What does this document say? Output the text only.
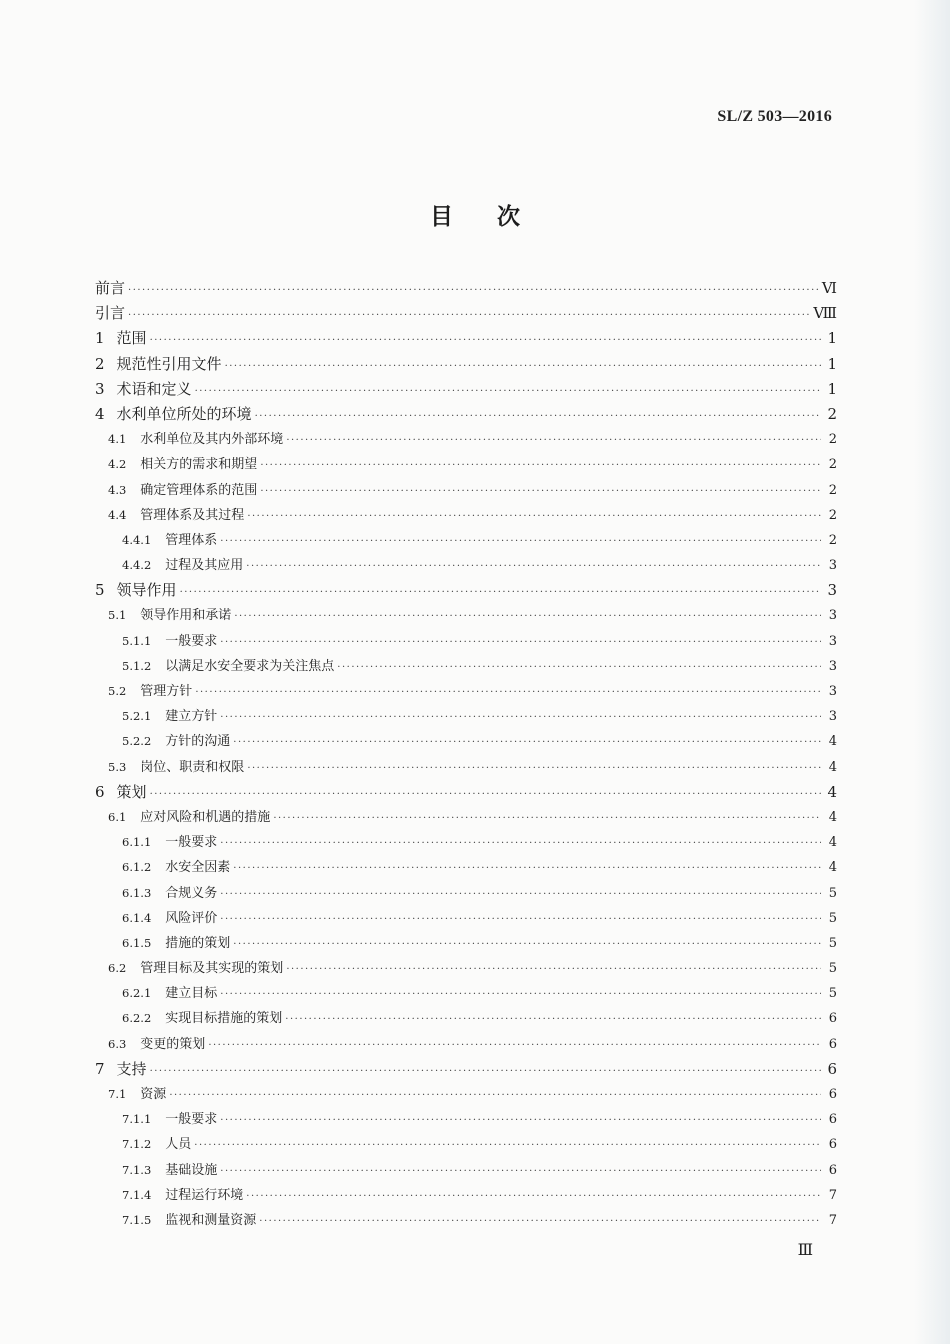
SL/Z 503—2016
目次
前言 ·····	Ⅵ
引言 ·····	Ⅷ
1 范围 ·····	1
2 规范性引用文件 ·····	1
3 术语和定义 ·····	1
4 水利单位所处的环境 ·····	2
4.1 水利单位及其内外部环境 ·····	2
4.2 相关方的需求和期望 ·····	2
4.3 确定管理体系的范围 ·····	2
4.4 管理体系及其过程 ·····	2
4.4.1 管理体系 ·····	2
4.4.2 过程及其应用 ·····	3
5 领导作用 ·····	3
5.1 领导作用和承诺 ·····	3
5.1.1 一般要求 ·····	3
5.1.2 以满足水安全要求为关注焦点 ·····	3
5.2 管理方针 ·····	3
5.2.1 建立方针 ·····	3
5.2.2 方针的沟通 ·····	4
5.3 岗位、职责和权限 ·····	4
6 策划 ·····	4
6.1 应对风险和机遇的措施 ·····	4
6.1.1 一般要求 ·····	4
6.1.2 水安全因素 ·····	4
6.1.3 合规义务 ·····	5
6.1.4 风险评价 ·····	5
6.1.5 措施的策划 ·····	5
6.2 管理目标及其实现的策划 ·····	5
6.2.1 建立目标 ·····	5
6.2.2 实现目标措施的策划 ·····	6
6.3 变更的策划 ·····	6
7 支持 ·····	6
7.1 资源 ·····	6
7.1.1 一般要求 ·····	6
7.1.2 人员 ·····	6
7.1.3 基础设施 ·····	6
7.1.4 过程运行环境 ·····	7
7.1.5 监视和测量资源 ·····	7
Ⅲ
